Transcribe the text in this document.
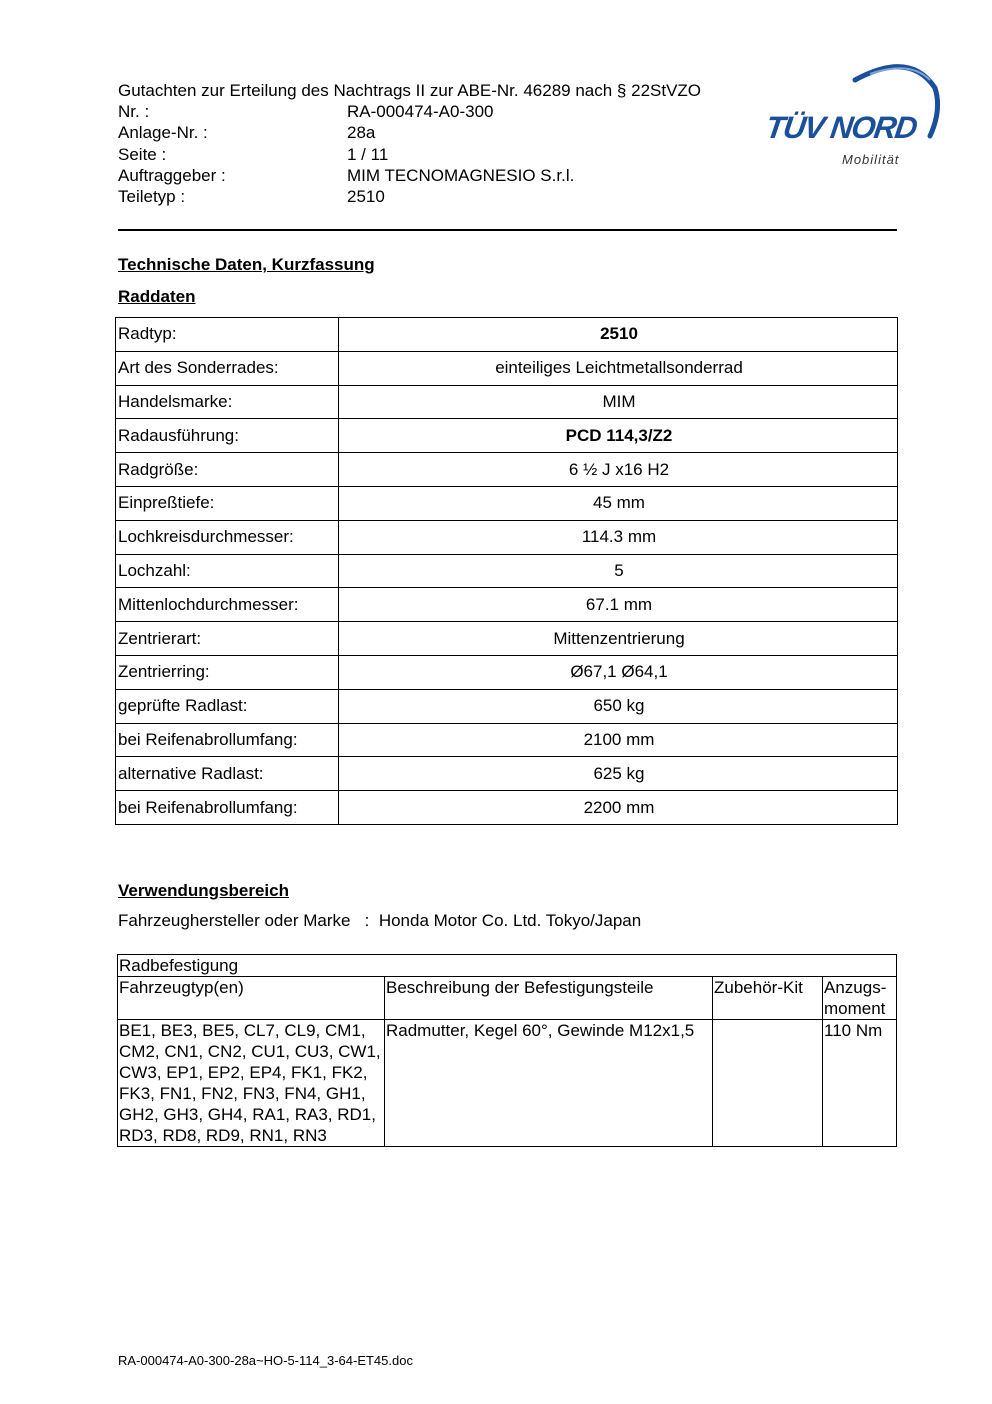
Gutachten zur Erteilung des Nachtrags II zur ABE-Nr. 46289 nach § 22StVZO
Nr. :	RA-000474-A0-300
Anlage-Nr. :	28a
Seite :	1 / 11
Auftraggeber :	MIM TECNOMAGNESIO S.r.l.
Teiletyp :	2510
TÜV NORD
Mobilität
Technische Daten, Kurzfassung
Raddaten
Radtyp:	2510
Art des Sonderrades:	einteiliges Leichtmetallsonderrad
Handelsmarke:	MIM
Radausführung:	PCD 114,3/Z2
Radgröße:	6 ½ J x16 H2
Einpreßtiefe:	45 mm
Lochkreisdurchmesser:	114.3 mm
Lochzahl:	5
Mittenlochdurchmesser:	67.1 mm
Zentrierart:	Mittenzentrierung
Zentrierring:	Ø67,1 Ø64,1
geprüfte Radlast:	650 kg
bei Reifenabrollumfang:	2100 mm
alternative Radlast:	625 kg
bei Reifenabrollumfang:	2200 mm
Verwendungsbereich
Fahrzeughersteller oder Marke : Honda Motor Co. Ltd. Tokyo/Japan
Radbefestigung			
Fahrzeugtyp(en)	Beschreibung der Befestigungsteile	Zubehör-Kit	Anzugs-moment
BE1, BE3, BE5, CL7, CL9, CM1, CM2, CN1, CN2, CU1, CU3, CW1, CW3, EP1, EP2, EP4, FK1, FK2, FK3, FN1, FN2, FN3, FN4, GH1, GH2, GH3, GH4, RA1, RA3, RD1, RD3, RD8, RD9, RN1, RN3	Radmutter, Kegel 60°, Gewinde M12x1,5		110 Nm
RA-000474-A0-300-28a~HO-5-114_3-64-ET45.doc
